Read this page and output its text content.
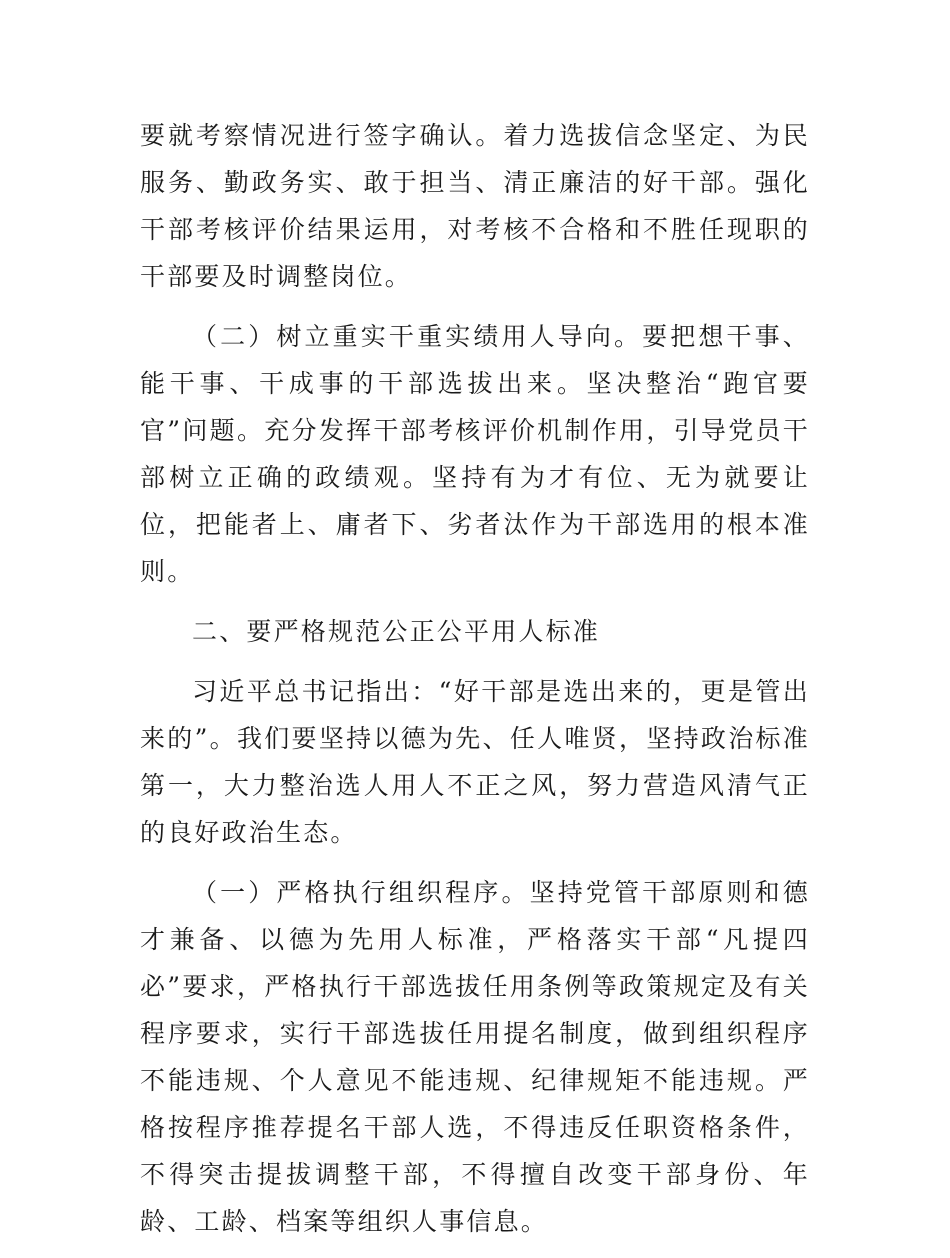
要就考察情况进行签字确认。着力选拔信念坚定、为民服务、勤政务实、敢于担当、清正廉洁的好干部。强化干部考核评价结果运用，对考核不合格和不胜任现职的干部要及时调整岗位。

（二）树立重实干重实绩用人导向。要把想干事、能干事、干成事的干部选拔出来。坚决整治“跑官要官”问题。充分发挥干部考核评价机制作用，引导党员干部树立正确的政绩观。坚持有为才有位、无为就要让位，把能者上、庸者下、劣者汰作为干部选用的根本准则。

二、要严格规范公正公平用人标准

习近平总书记指出：“好干部是选出来的，更是管出来的”。我们要坚持以德为先、任人唯贤，坚持政治标准第一，大力整治选人用人不正之风，努力营造风清气正的良好政治生态。

（一）严格执行组织程序。坚持党管干部原则和德才兼备、以德为先用人标准，严格落实干部“凡提四必”要求，严格执行干部选拔任用条例等政策规定及有关程序要求，实行干部选拔任用提名制度，做到组织程序不能违规、个人意见不能违规、纪律规矩不能违规。严格按程序推荐提名干部人选，不得违反任职资格条件，不得突击提拔调整干部，不得擅自改变干部身份、年龄、工龄、档案等组织人事信息。
